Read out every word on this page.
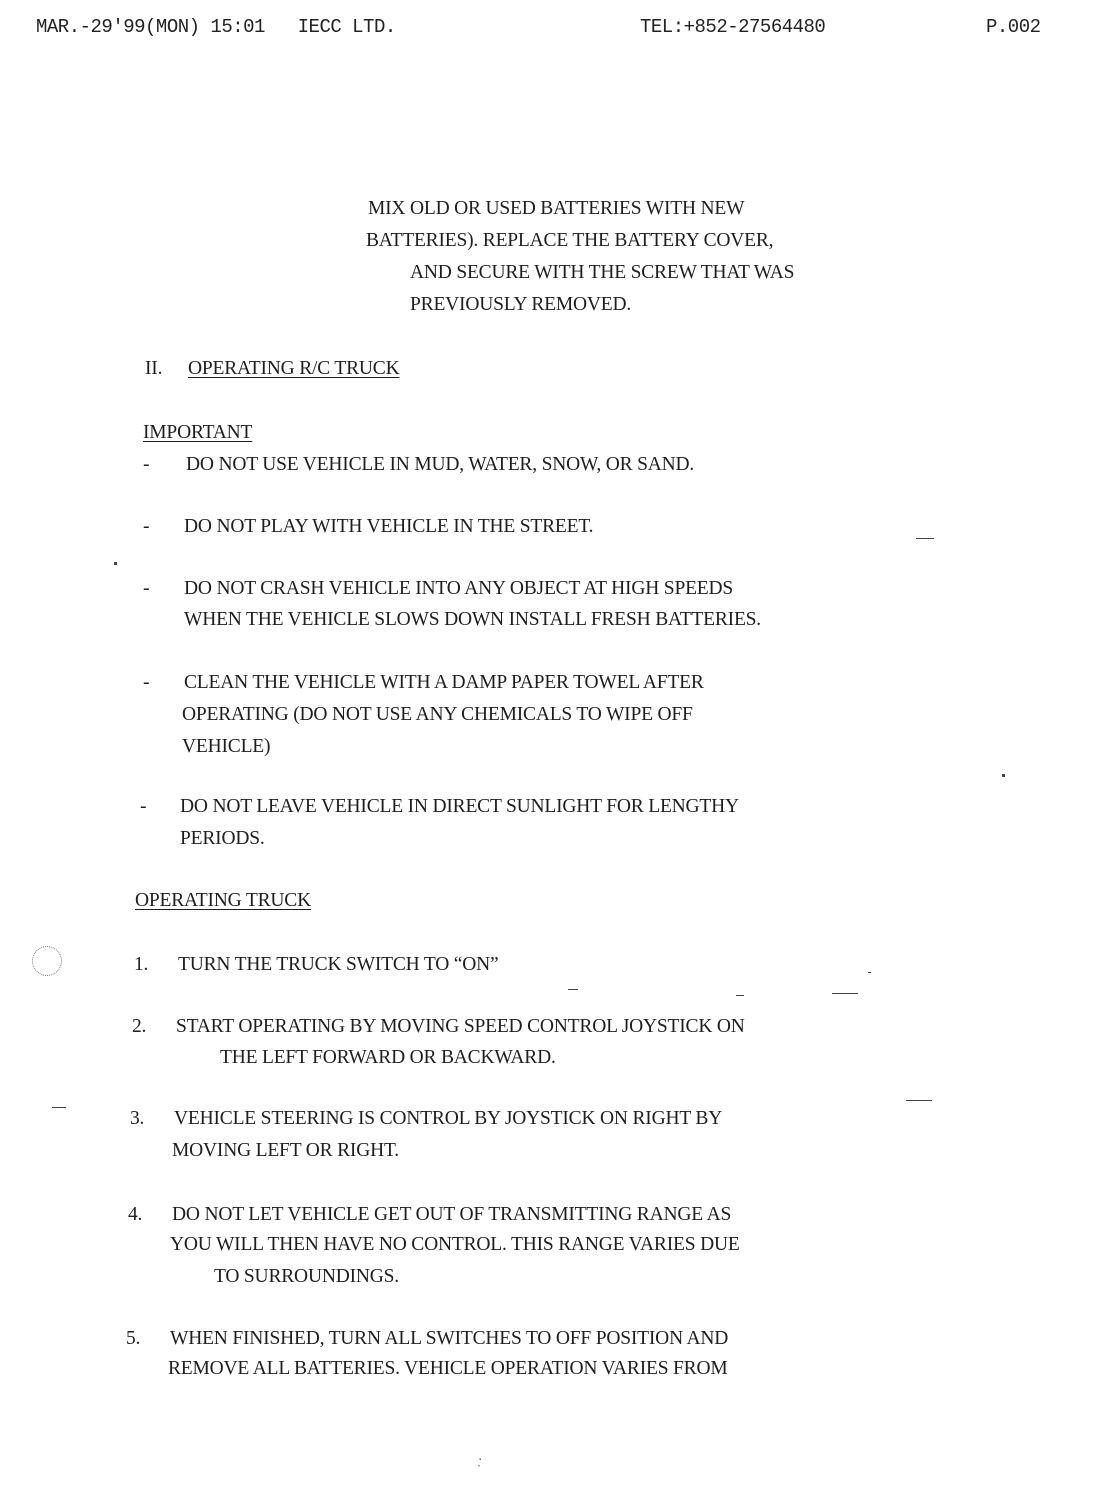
MAR.-29'99(MON) 15:01   IECC LTD.	TEL:+852-27564480	P.002
MIX OLD OR USED BATTERIES WITH NEW
BATTERIES). REPLACE THE BATTERY COVER,
AND SECURE WITH THE SCREW THAT WAS
PREVIOUSLY REMOVED.
II. OPERATING R/C TRUCK
IMPORTANT
- DO NOT USE VEHICLE IN MUD, WATER, SNOW, OR SAND.
- DO NOT PLAY WITH VEHICLE IN THE STREET.
- DO NOT CRASH VEHICLE INTO ANY OBJECT AT HIGH SPEEDS
WHEN THE VEHICLE SLOWS DOWN INSTALL FRESH BATTERIES.
- CLEAN THE VEHICLE WITH A DAMP PAPER TOWEL AFTER
OPERATING (DO NOT USE ANY CHEMICALS TO WIPE OFF
VEHICLE)
- DO NOT LEAVE VEHICLE IN DIRECT SUNLIGHT FOR LENGTHY
PERIODS.
OPERATING TRUCK
1. TURN THE TRUCK SWITCH TO “ON”
2. START OPERATING BY MOVING SPEED CONTROL JOYSTICK ON
THE LEFT FORWARD OR BACKWARD.
3. VEHICLE STEERING IS CONTROL BY JOYSTICK ON RIGHT BY
MOVING LEFT OR RIGHT.
4. DO NOT LET VEHICLE GET OUT OF TRANSMITTING RANGE AS
YOU WILL THEN HAVE NO CONTROL. THIS RANGE VARIES DUE
TO SURROUNDINGS.
5. WHEN FINISHED, TURN ALL SWITCHES TO OFF POSITION AND
REMOVE ALL BATTERIES. VEHICLE OPERATION VARIES FROM
·̣
